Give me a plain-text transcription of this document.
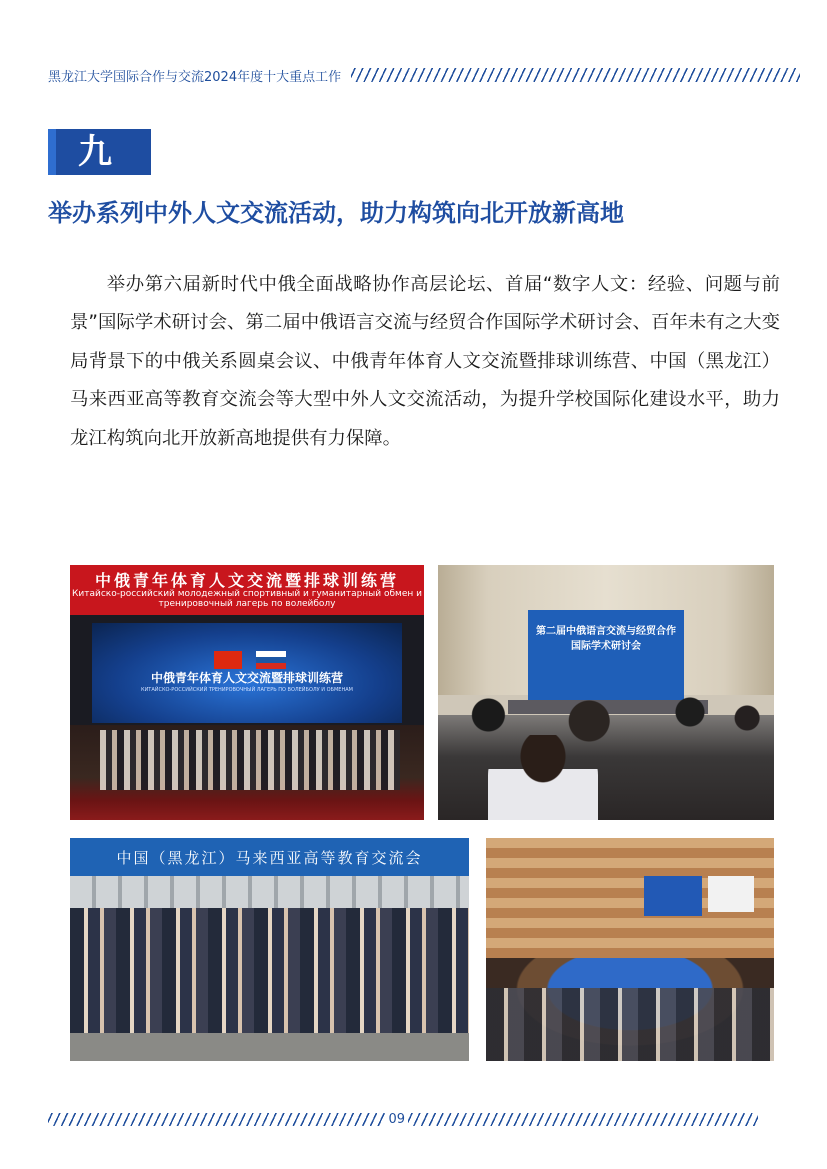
黑龙江大学国际合作与交流2024年度十大重点工作
九
举办系列中外人文交流活动，助力构筑向北开放新高地

举办第六届新时代中俄全面战略协作高层论坛、首届“数字人文：经验、问题与前景”国际学术研讨会、第二届中俄语言交流与经贸合作国际学术研讨会、百年未有之大变局背景下的中俄关系圆桌会议、中俄青年体育人文交流暨排球训练营、中国（黑龙江）马来西亚高等教育交流会等大型中外人文交流活动，为提升学校国际化建设水平，助力龙江构筑向北开放新高地提供有力保障。

中俄青年体育人文交流暨排球训练营
Китайско-российский молодежный спортивный и гуманитарный обмен и тренировочный лагерь по волейболу
中俄青年体育人文交流暨排球训练营
КИТАЙСКО-РОССИЙСКИЙ ТРЕНИРОВОЧНЫЙ ЛАГЕРЬ ПО ВОЛЕЙБОЛУ И ОБМЕНАМ
第二届中俄语言交流与经贸合作
国际学术研讨会
中国（黑龙江）马来西亚高等教育交流会
09
